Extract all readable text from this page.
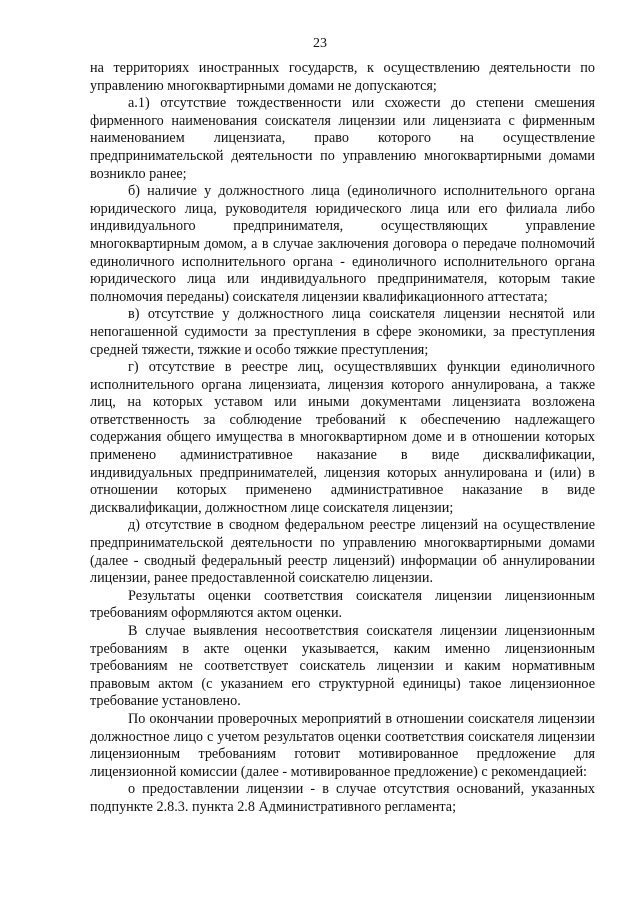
23

на территориях иностранных государств, к осуществлению деятельности по управлению многоквартирными домами не допускаются;

а.1) отсутствие тождественности или схожести до степени смешения фирменного наименования соискателя лицензии или лицензиата с фирменным наименованием лицензиата, право которого на осуществление предпринимательской деятельности по управлению многоквартирными домами возникло ранее;

б) наличие у должностного лица (единоличного исполнительного органа юридического лица, руководителя юридического лица или его филиала либо индивидуального предпринимателя, осуществляющих управление многоквартирным домом, а в случае заключения договора о передаче полномочий единоличного исполнительного органа - единоличного исполнительного органа юридического лица или индивидуального предпринимателя, которым такие полномочия переданы) соискателя лицензии квалификационного аттестата;

в) отсутствие у должностного лица соискателя лицензии неснятой или непогашенной судимости за преступления в сфере экономики, за преступления средней тяжести, тяжкие и особо тяжкие преступления;

г) отсутствие в реестре лиц, осуществлявших функции единоличного исполнительного органа лицензиата, лицензия которого аннулирована, а также лиц, на которых уставом или иными документами лицензиата возложена ответственность за соблюдение требований к обеспечению надлежащего содержания общего имущества в многоквартирном доме и в отношении которых применено административное наказание в виде дисквалификации, индивидуальных предпринимателей, лицензия которых аннулирована и (или) в отношении которых применено административное наказание в виде дисквалификации, должностном лице соискателя лицензии;

д) отсутствие в сводном федеральном реестре лицензий на осуществление предпринимательской деятельности по управлению многоквартирными домами (далее - сводный федеральный реестр лицензий) информации об аннулировании лицензии, ранее предоставленной соискателю лицензии.

Результаты оценки соответствия соискателя лицензии лицензионным требованиям оформляются актом оценки.

В случае выявления несоответствия соискателя лицензии лицензионным требованиям в акте оценки указывается, каким именно лицензионным требованиям не соответствует соискатель лицензии и каким нормативным правовым актом (с указанием его структурной единицы) такое лицензионное требование установлено.

По окончании проверочных мероприятий в отношении соискателя лицензии должностное лицо с учетом результатов оценки соответствия соискателя лицензии лицензионным требованиям готовит мотивированное предложение для лицензионной комиссии (далее - мотивированное предложение) с рекомендацией:

о предоставлении лицензии - в случае отсутствия оснований, указанных подпункте 2.8.3. пункта 2.8 Административного регламента;
